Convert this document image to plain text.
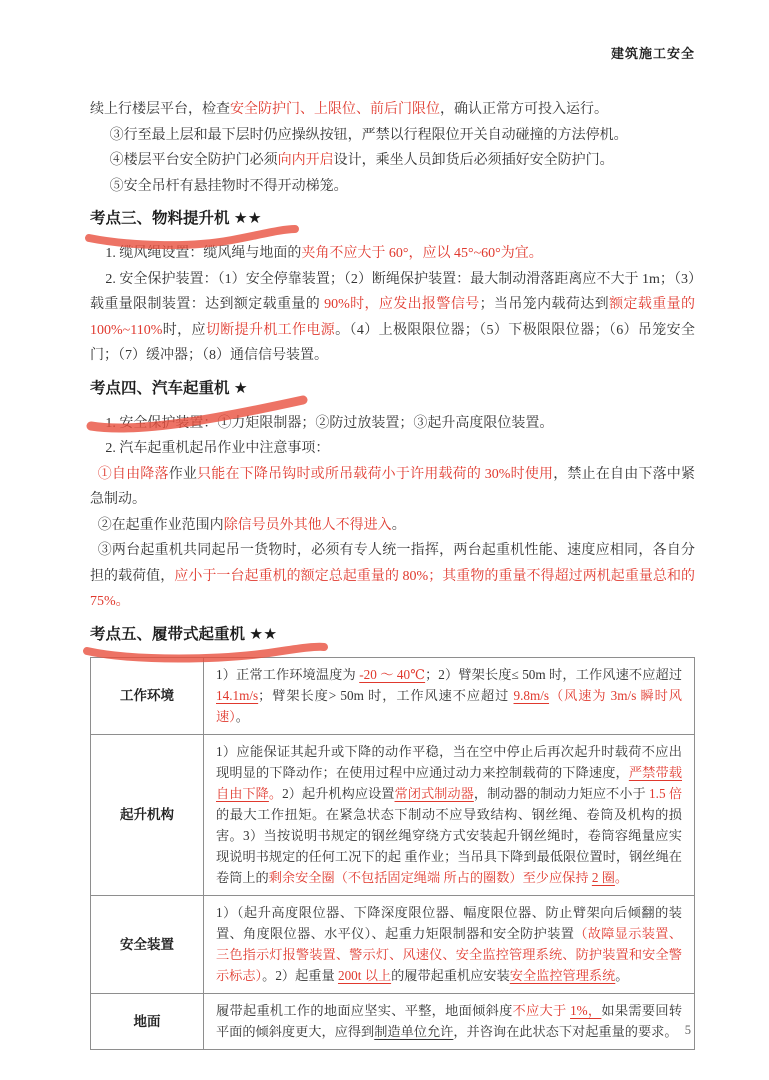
建筑施工安全

续上行楼层平台，检查安全防护门、上限位、前后门限位，确认正常方可投入运行。

③行至最上层和最下层时仍应操纵按钮，严禁以行程限位开关自动碰撞的方法停机。

④楼层平台安全防护门必须向内开启设计，乘坐人员卸货后必须插好安全防护门。

⑤安全吊杆有悬挂物时不得开动梯笼。

考点三、物料提升机 ★★

1. 缆风绳设置：缆风绳与地面的夹角不应大于 60°，应以 45°~60°为宜。

2. 安全保护装置：（1）安全停靠装置；（2）断绳保护装置：最大制动滑落距离应不大于 1m；（3）载重量限制装置：达到额定载重量的 90%时，应发出报警信号；当吊笼内载荷达到额定载重量的 100%~110%时，应切断提升机工作电源。（4）上极限限位器；（5）下极限限位器；（6）吊笼安全门；（7）缓冲器；（8）通信信号装置。

考点四、汽车起重机 ★

1. 安全保护装置：①力矩限制器；②防过放装置；③起升高度限位装置。

2. 汽车起重机起吊作业中注意事项：

①自由降落作业只能在下降吊钩时或所吊载荷小于许用载荷的 30%时使用，禁止在自由下落中紧急制动。

②在起重作业范围内除信号员外其他人不得进入。

③两台起重机共同起吊一货物时，必须有专人统一指挥，两台起重机性能、速度应相同，各自分担的载荷值，应小于一台起重机的额定总起重量的 80%；其重物的重量不得超过两机起重量总和的 75%。

考点五、履带式起重机 ★★
工作环境	1）正常工作环境温度为 -20 ～ 40℃；2）臂架长度≤ 50m 时，工作风速不应超过 14.1m/s；臂架长度> 50m 时，工作风速不应超过 9.8m/s（风速为 3m/s 瞬时风速）。
起升机构	1）应能保证其起升或下降的动作平稳，当在空中停止后再次起升时载荷不应出现明显的下降动作；在使用过程中应通过动力来控制载荷的下降速度，严禁带载自由下降。2）起升机构应设置常闭式制动器，制动器的制动力矩应不小于 1.5 倍的最大工作扭矩。在紧急状态下制动不应导致结构、钢丝绳、卷筒及机构的损害。3）当按说明书规定的钢丝绳穿绕方式安装起升钢丝绳时，卷筒容绳量应实现说明书规定的任何工况下的起 重作业；当吊具下降到最低限位置时，钢丝绳在卷筒上的剩余安全圈（不包括固定绳端 所占的圈数）至少应保持 2 圈。
安全装置	1）（起升高度限位器、下降深度限位器、幅度限位器、防止臂架向后倾翻的装置、角度限位器、水平仪）、起重力矩限制器和安全防护装置（故障显示装置、三色指示灯报警装置、警示灯、风速仪、安全监控管理系统、防护装置和安全警示标志）。2）起重量 200t 以上的履带起重机应安装安全监控管理系统。
地面	履带起重机工作的地面应坚实、平整，地面倾斜度不应大于 1%，如果需要回转平面的倾斜度更大，应得到制造单位允许，并咨询在此状态下对起重量的要求。 5
